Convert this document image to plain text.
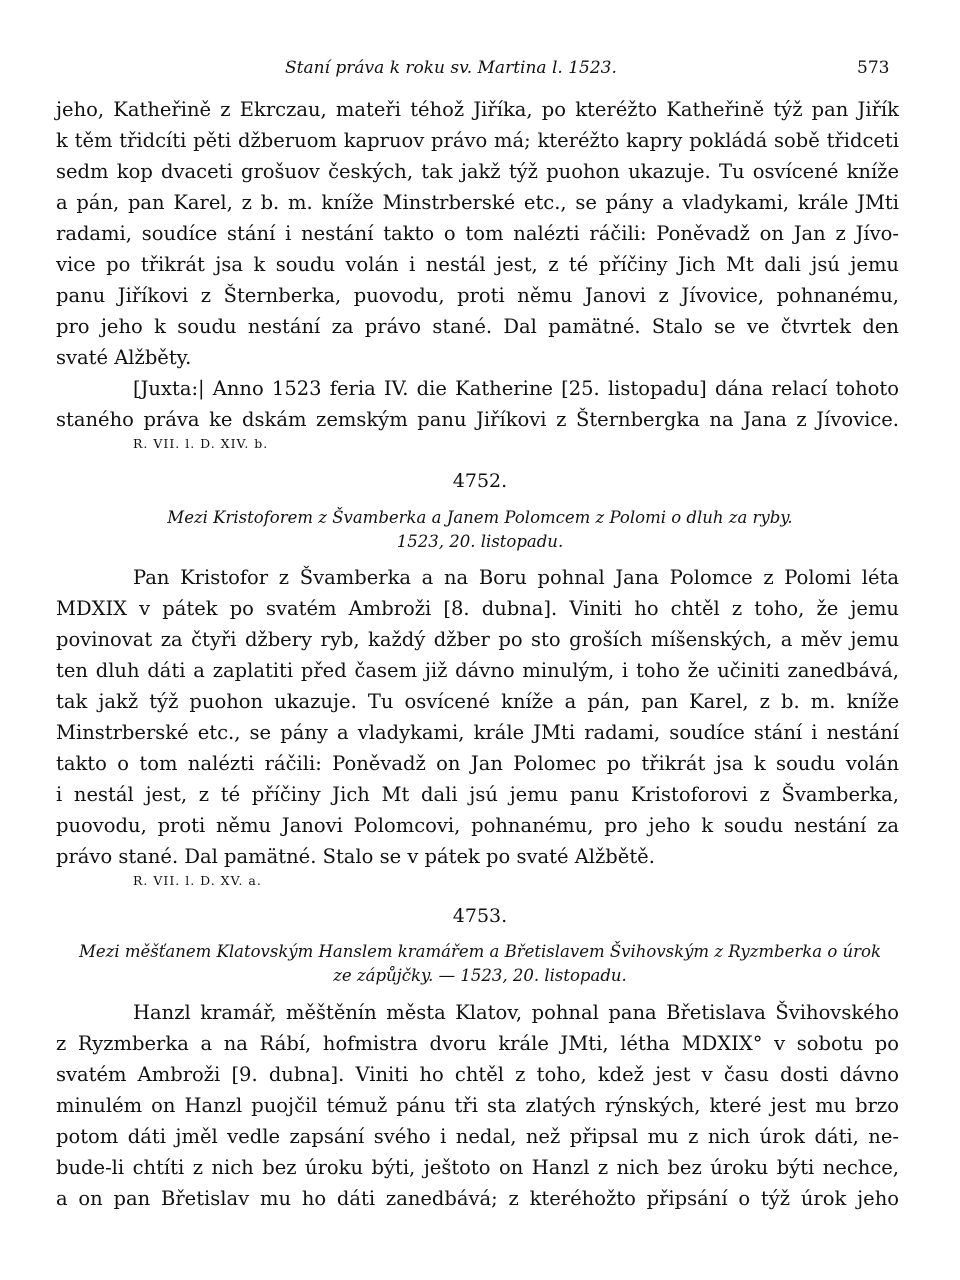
Staní práva k roku sv. Martina l. 1523.	573
jeho, Katheřině z Ekrczau, mateři téhož Jiříka, po kteréžto Katheřině týž pan Jiřík
k těm třidcíti pěti džberuom kapruov právo má; kteréžto kapry pokládá sobě třidceti
sedm kop dvaceti grošuov českých, tak jakž týž puohon ukazuje. Tu osvícené kníže
a pán, pan Karel, z b. m. kníže Minstrberské etc., se pány a vladykami, krále JMti
radami, soudíce stání i nestání takto o tom nalézti ráčili: Poněvadž on Jan z Jívo-
vice po třikrát jsa k soudu volán i nestál jest, z té příčiny Jich Mt dali jsú jemu
panu Jiříkovi z Šternberka, puovodu, proti němu Janovi z Jívovice, pohnanému,
pro jeho k soudu nestání za právo stané. Dal pamätné. Stalo se ve čtvrtek den
svaté Alžběty.
[Juxta:| Anno 1523 feria IV. die Katherine [25. listopadu] dána relací tohoto
staného práva ke dskám zemským panu Jiříkovi z Šternbergka na Jana z Jívovice.
R. VII. l. D. XIV. b.
4752.
Mezi Kristoforem z Švamberka a Janem Polomcem z Polomi o dluh za ryby.
1523, 20. listopadu.
Pan Kristofor z Švamberka a na Boru pohnal Jana Polomce z Polomi léta
MDXIX v pátek po svatém Ambroži [8. dubna]. Viniti ho chtěl z toho, že jemu
povinovat za čtyři džbery ryb, každý džber po sto groších míšenských, a měv jemu
ten dluh dáti a zaplatiti před časem již dávno minulým, i toho že učiniti zanedbává,
tak jakž týž puohon ukazuje. Tu osvícené kníže a pán, pan Karel, z b. m. kníže
Minstrberské etc., se pány a vladykami, krále JMti radami, soudíce stání i nestání
takto o tom nalézti ráčili: Poněvadž on Jan Polomec po třikrát jsa k soudu volán
i nestál jest, z té příčiny Jich Mt dali jsú jemu panu Kristoforovi z Švamberka,
puovodu, proti němu Janovi Polomcovi, pohnanému, pro jeho k soudu nestání za
právo stané. Dal pamätné. Stalo se v pátek po svaté Alžbětě.
R. VII. l. D. XV. a.
4753.
Mezi měšťanem Klatovským Hanslem kramářem a Břetislavem Švihovským z Ryzmberka o úrok
ze zápůjčky. — 1523, 20. listopadu.
Hanzl kramář, měštěnín města Klatov, pohnal pana Břetislava Švihovského
z Ryzmberka a na Rábí, hofmistra dvoru krále JMti, létha MDXIX° v sobotu po
svatém Ambroži [9. dubna]. Viniti ho chtěl z toho, kdež jest v času dosti dávno
minulém on Hanzl puojčil témuž pánu tři sta zlatých rýnských, které jest mu brzo
potom dáti jměl vedle zapsání svého i nedal, než připsal mu z nich úrok dáti, ne-
bude-li chtíti z nich bez úroku býti, ještoto on Hanzl z nich bez úroku býti nechce,
a on pan Břetislav mu ho dáti zanedbává; z kteréhožto připsání o týž úrok jeho
